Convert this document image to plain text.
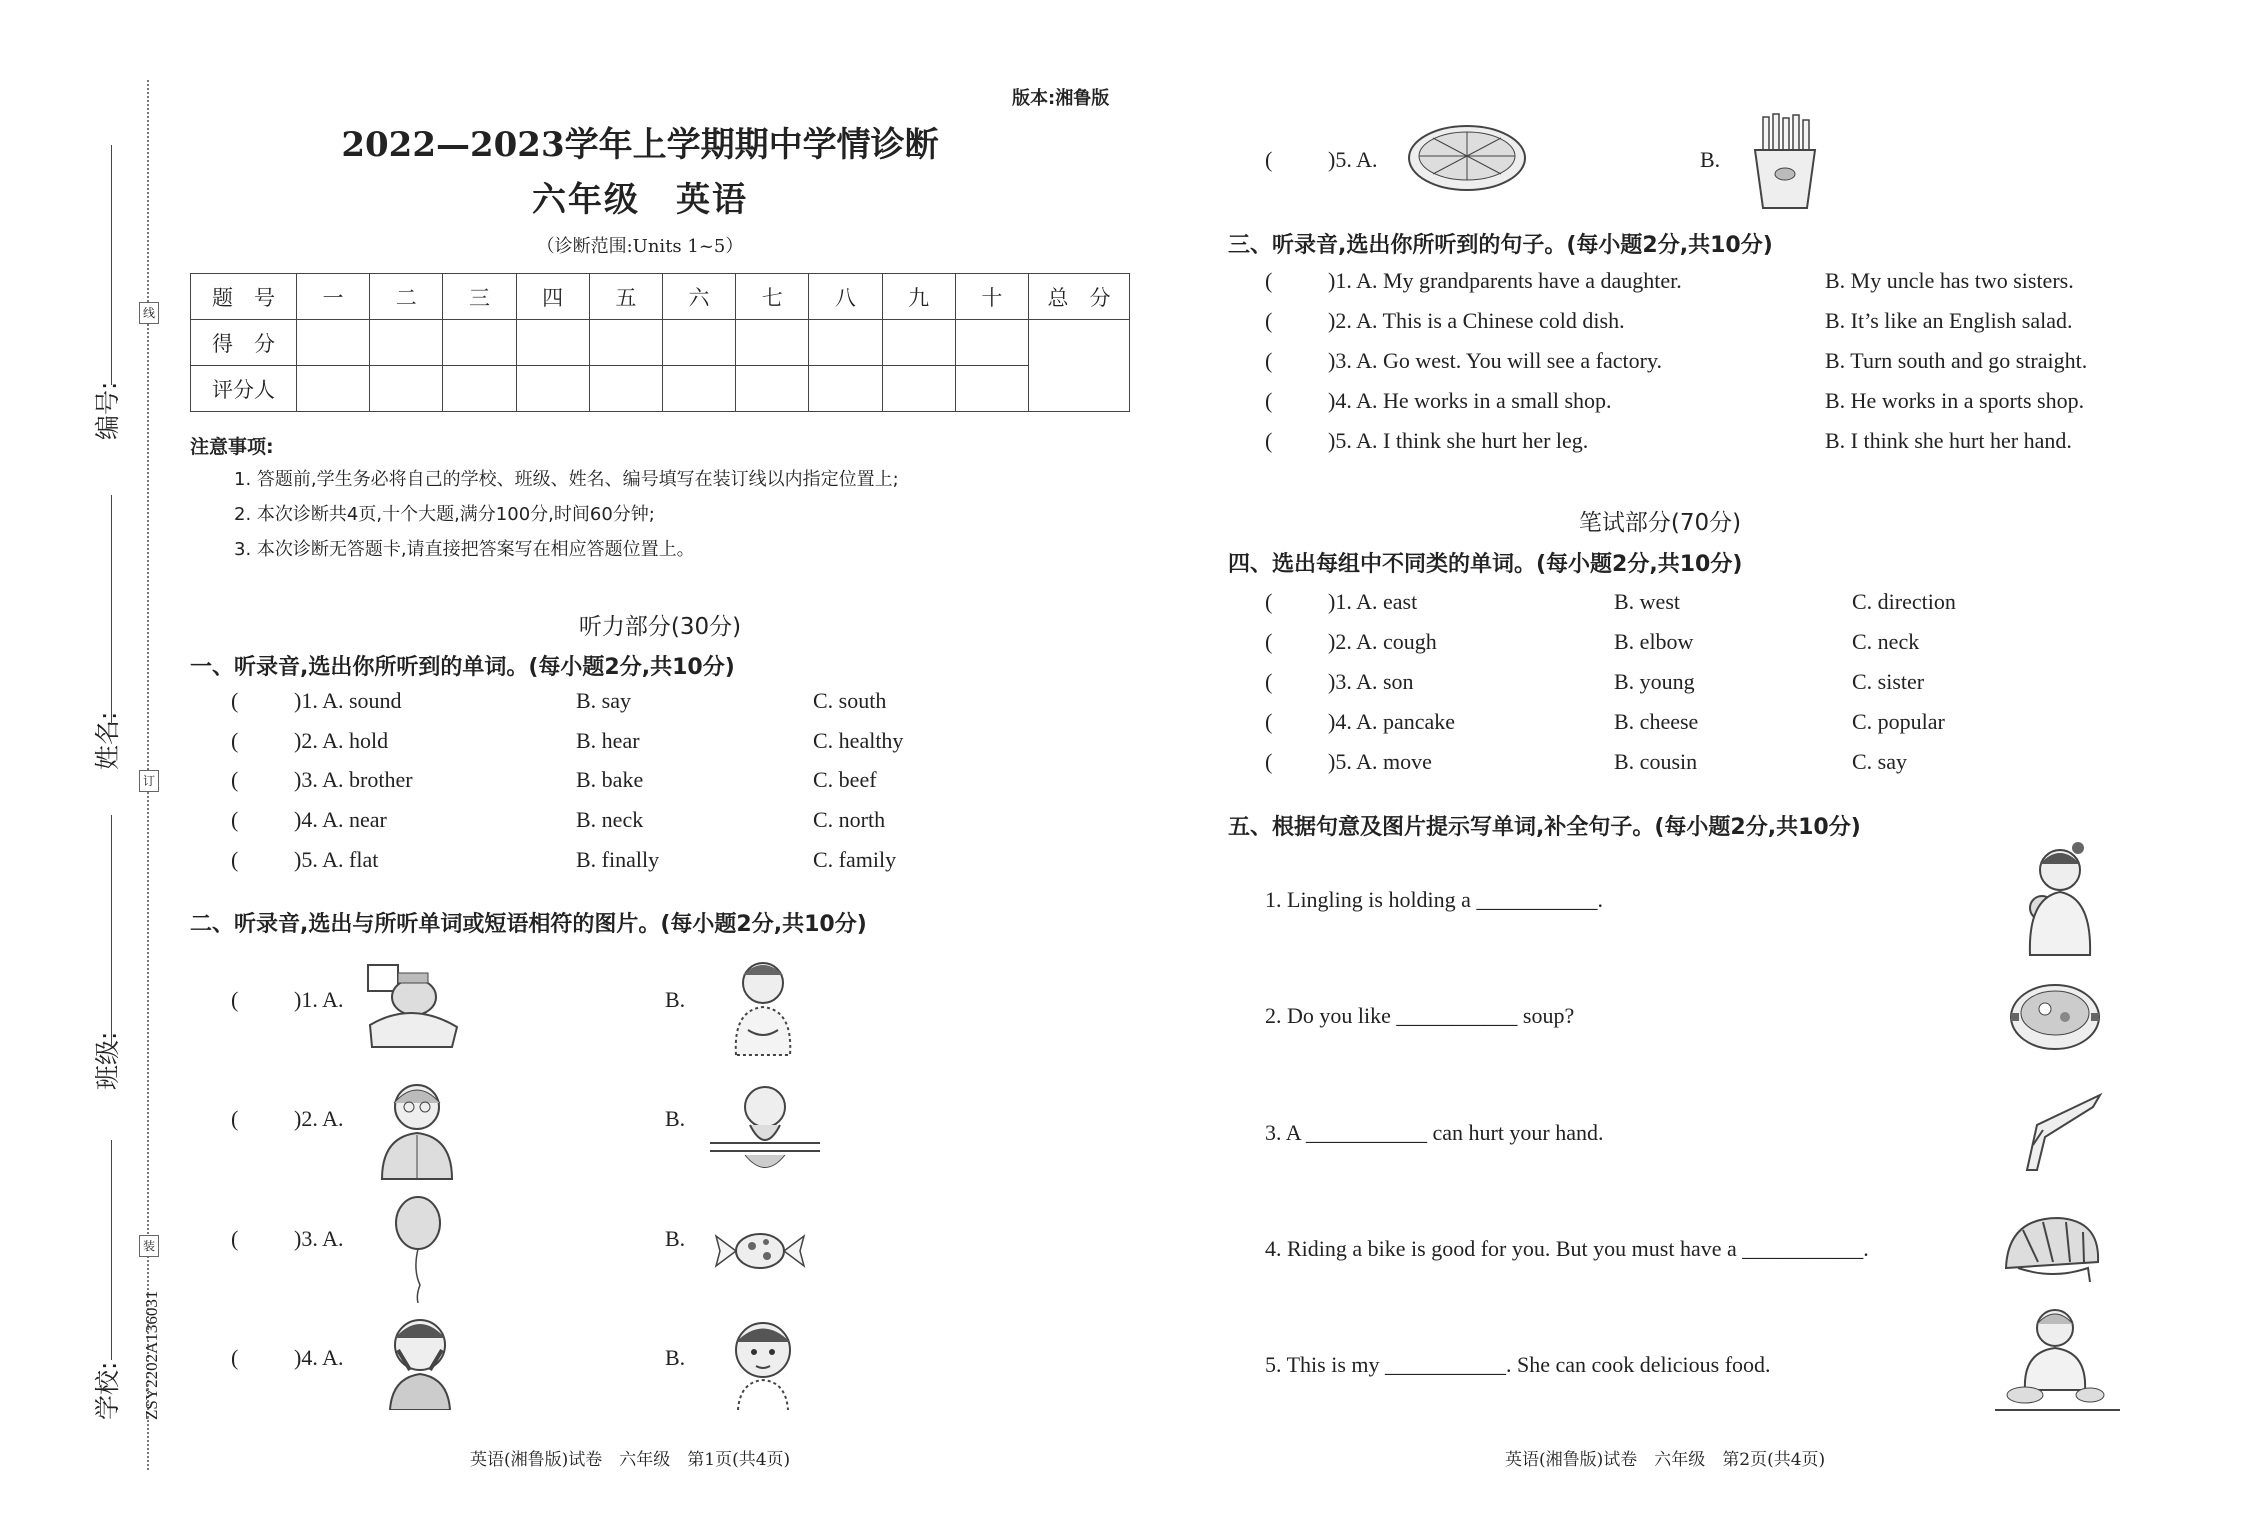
线
订
装
编号:
姓名:
班级:
学校: ZSY2202A136031
版本:湘鲁版
2022—2023学年上学期期中学情诊断
六年级　英语
（诊断范围:Units 1~5）
题　号	一	二	三	四	五	六	七	八	九	十	总　分
得　分											
评分人											
注意事项:
1. 答题前,学生务必将自己的学校、班级、姓名、编号填写在装订线以内指定位置上;
2. 本次诊断共4页,十个大题,满分100分,时间60分钟;
3. 本次诊断无答题卡,请直接把答案写在相应答题位置上。
听力部分(30分)
一、听录音,选出你所听到的单词。(每小题2分,共10分)
(	)1. A. sound	B. say	C. south
(	)2. A. hold	B. hear	C. healthy
(	)3. A. brother	B. bake	C. beef
(	)4. A. near	B. neck	C. north
(	)5. A. flat	B. finally	C. family
二、听录音,选出与所听单词或短语相符的图片。(每小题2分,共10分)
(	)1. A.	B.
(	)2. A.	B.
(	)3. A.	B.
(	)4. A.	B.
英语(湘鲁版)试卷　六年级　第1页(共4页)
(	)5. A.	B.
三、听录音,选出你所听到的句子。(每小题2分,共10分)
(	)1. A. My grandparents have a daughter.	B. My uncle has two sisters.
(	)2. A. This is a Chinese cold dish.	B. It’s like an English salad.
(	)3. A. Go west. You will see a factory.	B. Turn south and go straight.
(	)4. A. He works in a small shop.	B. He works in a sports shop.
(	)5. A. I think she hurt her leg.	B. I think she hurt her hand.
笔试部分(70分)
四、选出每组中不同类的单词。(每小题2分,共10分)
(	)1. A. east	B. west	C. direction
(	)2. A. cough	B. elbow	C. neck
(	)3. A. son	B. young	C. sister
(	)4. A. pancake	B. cheese	C. popular
(	)5. A. move	B. cousin	C. say
五、根据句意及图片提示写单词,补全句子。(每小题2分,共10分)
1. Lingling is holding a ___________.
2. Do you like ___________ soup?
3. A ___________ can hurt your hand.
4. Riding a bike is good for you. But you must have a ___________.
5. This is my ___________. She can cook delicious food.
英语(湘鲁版)试卷　六年级　第2页(共4页)
